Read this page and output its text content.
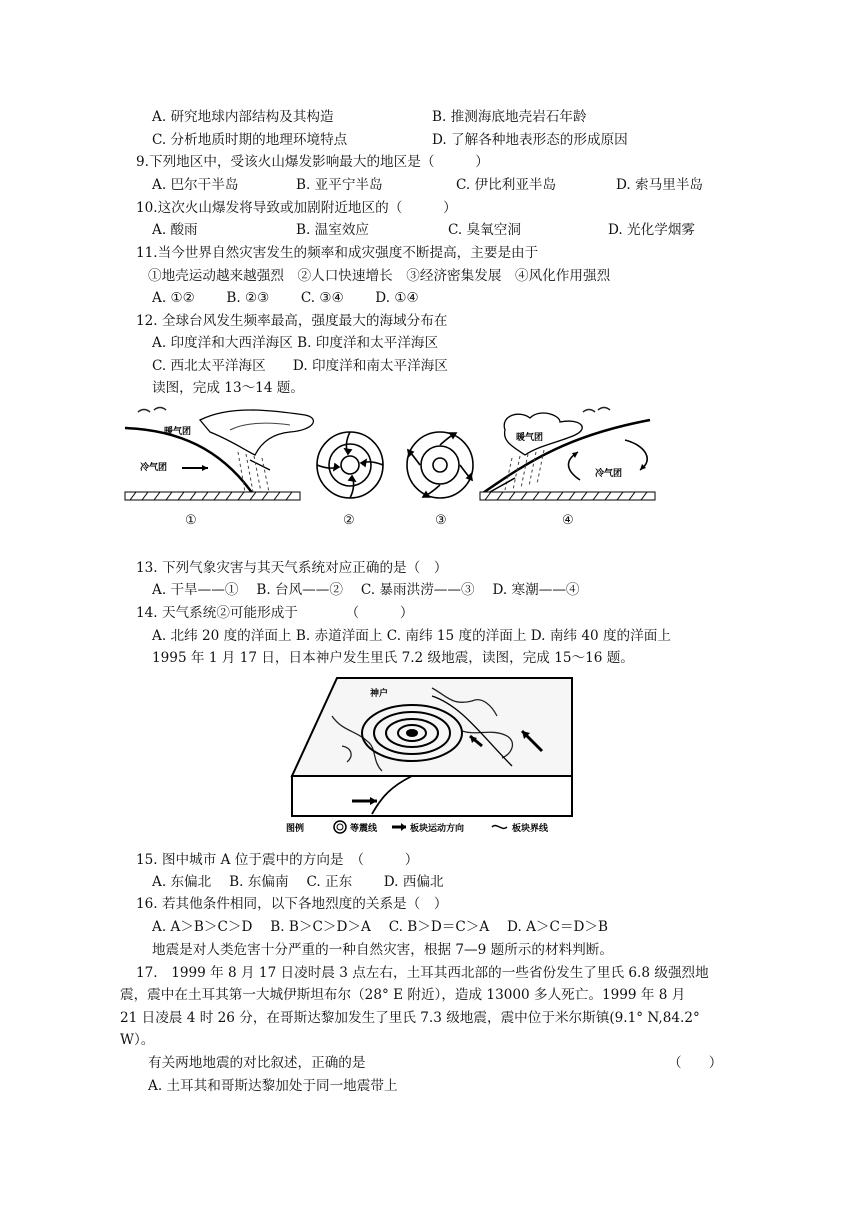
A. 研究地球内部结构及其构造	B. 推测海底地壳岩石年龄
C. 分析地质时期的地理环境特点	D. 了解各种地表形态的形成原因
9.下列地区中，受该火山爆发影响最大的地区是（　　　）
A. 巴尔干半岛	B. 亚平宁半岛	C. 伊比利亚半岛	D. 索马里半岛
10.这次火山爆发将导致或加剧附近地区的（　　　）
A. 酸雨	B. 温室效应	C. 臭氧空洞	D. 光化学烟雾
11.当今世界自然灾害发生的频率和成灾强度不断提高，主要是由于
①地壳运动越来越强烈　②人口快速增长　③经济密集发展　④风化作用强烈
A. ①②　　 B. ②③　　 C. ③④　　 D. ①④
12. 全球台风发生频率最高，强度最大的海域分布在
A. 印度洋和大西洋海区 B. 印度洋和太平洋海区
C. 西北太平洋海区　　D. 印度洋和南太平洋海区
读图，完成 13～14 题。
暖气团
冷气团
暖气团
冷气团
①	②	③	④
13. 下列气象灾害与其天气系统对应正确的是（　）
A. 干旱——①　 B. 台风——②　 C. 暴雨洪涝——③　 D. 寒潮——④
14. 天气系统②可能形成于　　　　（　　　）
A. 北纬 20 度的洋面上 B. 赤道洋面上 C. 南纬 15 度的洋面上 D. 南纬 40 度的洋面上
1995 年 1 月 17 日，日本神户发生里氏 7.2 级地震，读图，完成 15～16 题。
神户
图例	等震线	板块运动方向	板块界线
15. 图中城市 A 位于震中的方向是　（　　　）
A. 东偏北　 B. 东偏南　 C. 正东　　 D. 西偏北
16. 若其他条件相同，以下各地烈度的关系是（　）
A. A＞B＞C＞D　 B. B＞C＞D＞A　 C. B＞D＝C＞A　 D. A＞C＝D＞B
地震是对人类危害十分严重的一种自然灾害，根据 7—9 题所示的材料判断。
17.　1999 年 8 月 17 日凌时晨 3 点左右，土耳其西北部的一些省份发生了里氏 6.8 级强烈地
震，震中在土耳其第一大城伊斯坦布尔（28° E 附近），造成 13000 多人死亡。1999 年 8 月
21 日凌晨 4 时 26 分，在哥斯达黎加发生了里氏 7.3 级地震，震中位于米尔斯镇(9.1° N,84.2°
W）。
有关两地地震的对比叙述，正确的是	（　　）
A. 土耳其和哥斯达黎加处于同一地震带上
